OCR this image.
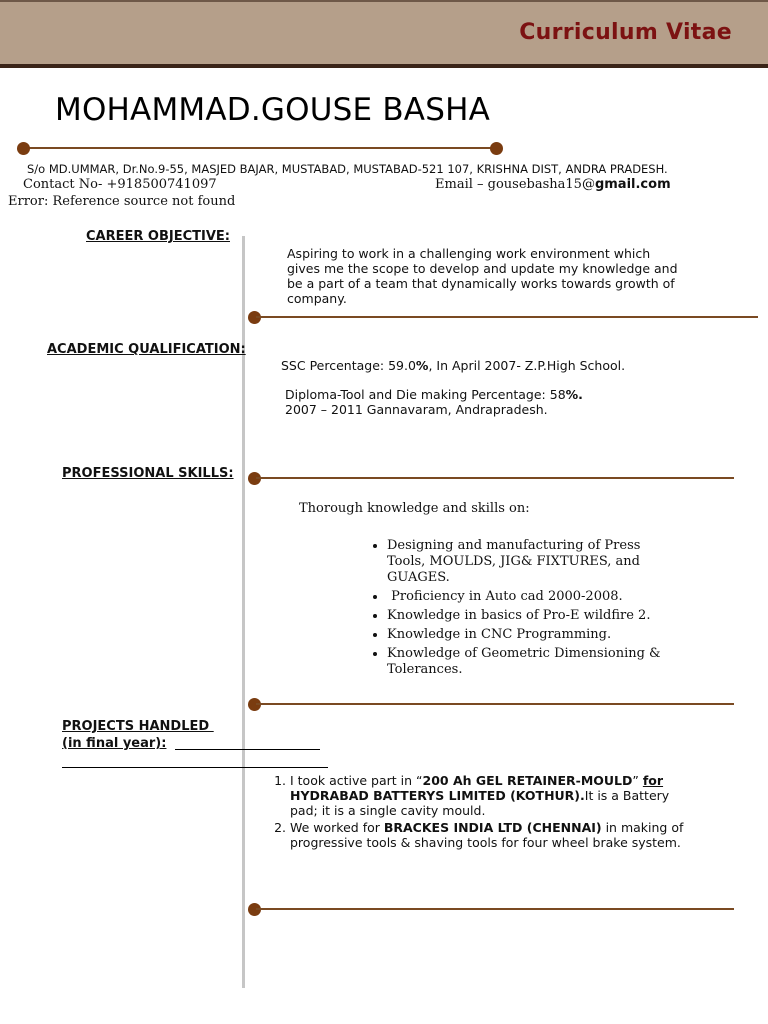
Curriculum Vitae
MOHAMMAD.GOUSE BASHA
S/o MD.UMMAR, Dr.No.9-55, MASJED BAJAR, MUSTABAD, MUSTABAD-521 107, KRISHNA DIST, ANDRA PRADESH.
Contact No- +918500741097	Email – gousebasha15@gmail.com
Error: Reference source not found
CAREER OBJECTIVE:
Aspiring to work in a challenging work environment which gives me the scope to develop and update my knowledge and be a part of a team that dynamically works towards growth of company.
ACADEMIC QUALIFICATION:
SSC Percentage: 59.0%, In April 2007- Z.P.High School.
Diploma-Tool and Die making Percentage: 58%.
2007 – 2011 Gannavaram, Andrapradesh.
PROFESSIONAL SKILLS:
Thorough knowledge and skills on:
• Designing and manufacturing of Press Tools, MOULDS, JIG& FIXTURES, and GUAGES.
•  Proficiency in Auto cad 2000-2008.
• Knowledge in basics of Pro-E wildfire 2.
• Knowledge in CNC Programming.
• Knowledge of Geometric Dimensioning & Tolerances.
PROJECTS HANDLED
(in final year):
1. I took active part in “200 Ah GEL RETAINER-MOULD” for HYDRABAD BATTERYS LIMITED (KOTHUR).It is a Battery pad; it is a single cavity mould.
2. We worked for BRACKES INDIA LTD (CHENNAI) in making of progressive tools & shaving tools for four wheel brake system.
